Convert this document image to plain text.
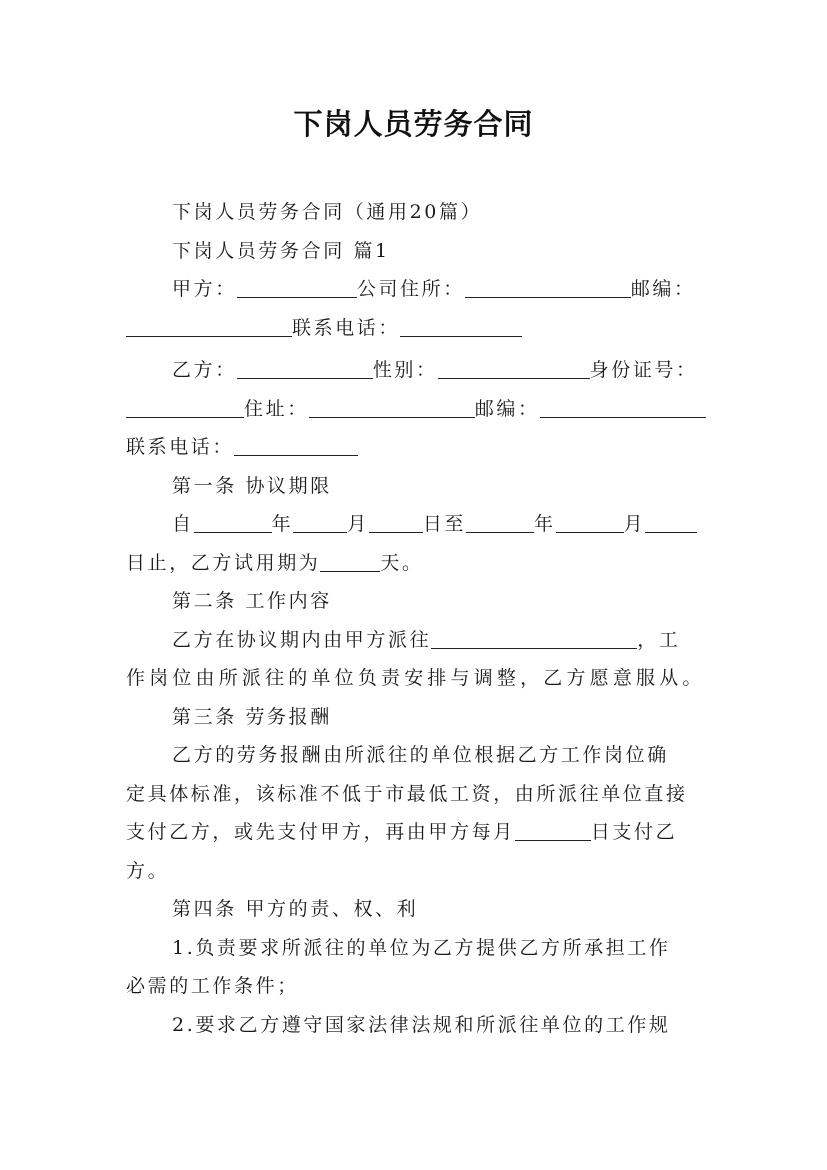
下岗人员劳务合同
下岗人员劳务合同（通用20篇）
下岗人员劳务合同 篇1
甲方：	公司住所：	邮编：
联系电话：
乙方：	性别：	身份证号：
住址：	邮编：
联系电话：
第一条 协议期限
自	年	月	日至	年	月
日止，乙方试用期为	天。
第二条 工作内容
乙方在协议期内由甲方派往	，工
作岗位由所派往的单位负责安排与调整，乙方愿意服从。
第三条 劳务报酬
乙方的劳务报酬由所派往的单位根据乙方工作岗位确
定具体标准，该标准不低于市最低工资，由所派往单位直接
支付乙方，或先支付甲方，再由甲方每月	日支付乙
方。
第四条 甲方的责、权、利
1.负责要求所派往的单位为乙方提供乙方所承担工作
必需的工作条件；
2.要求乙方遵守国家法律法规和所派往单位的工作规
